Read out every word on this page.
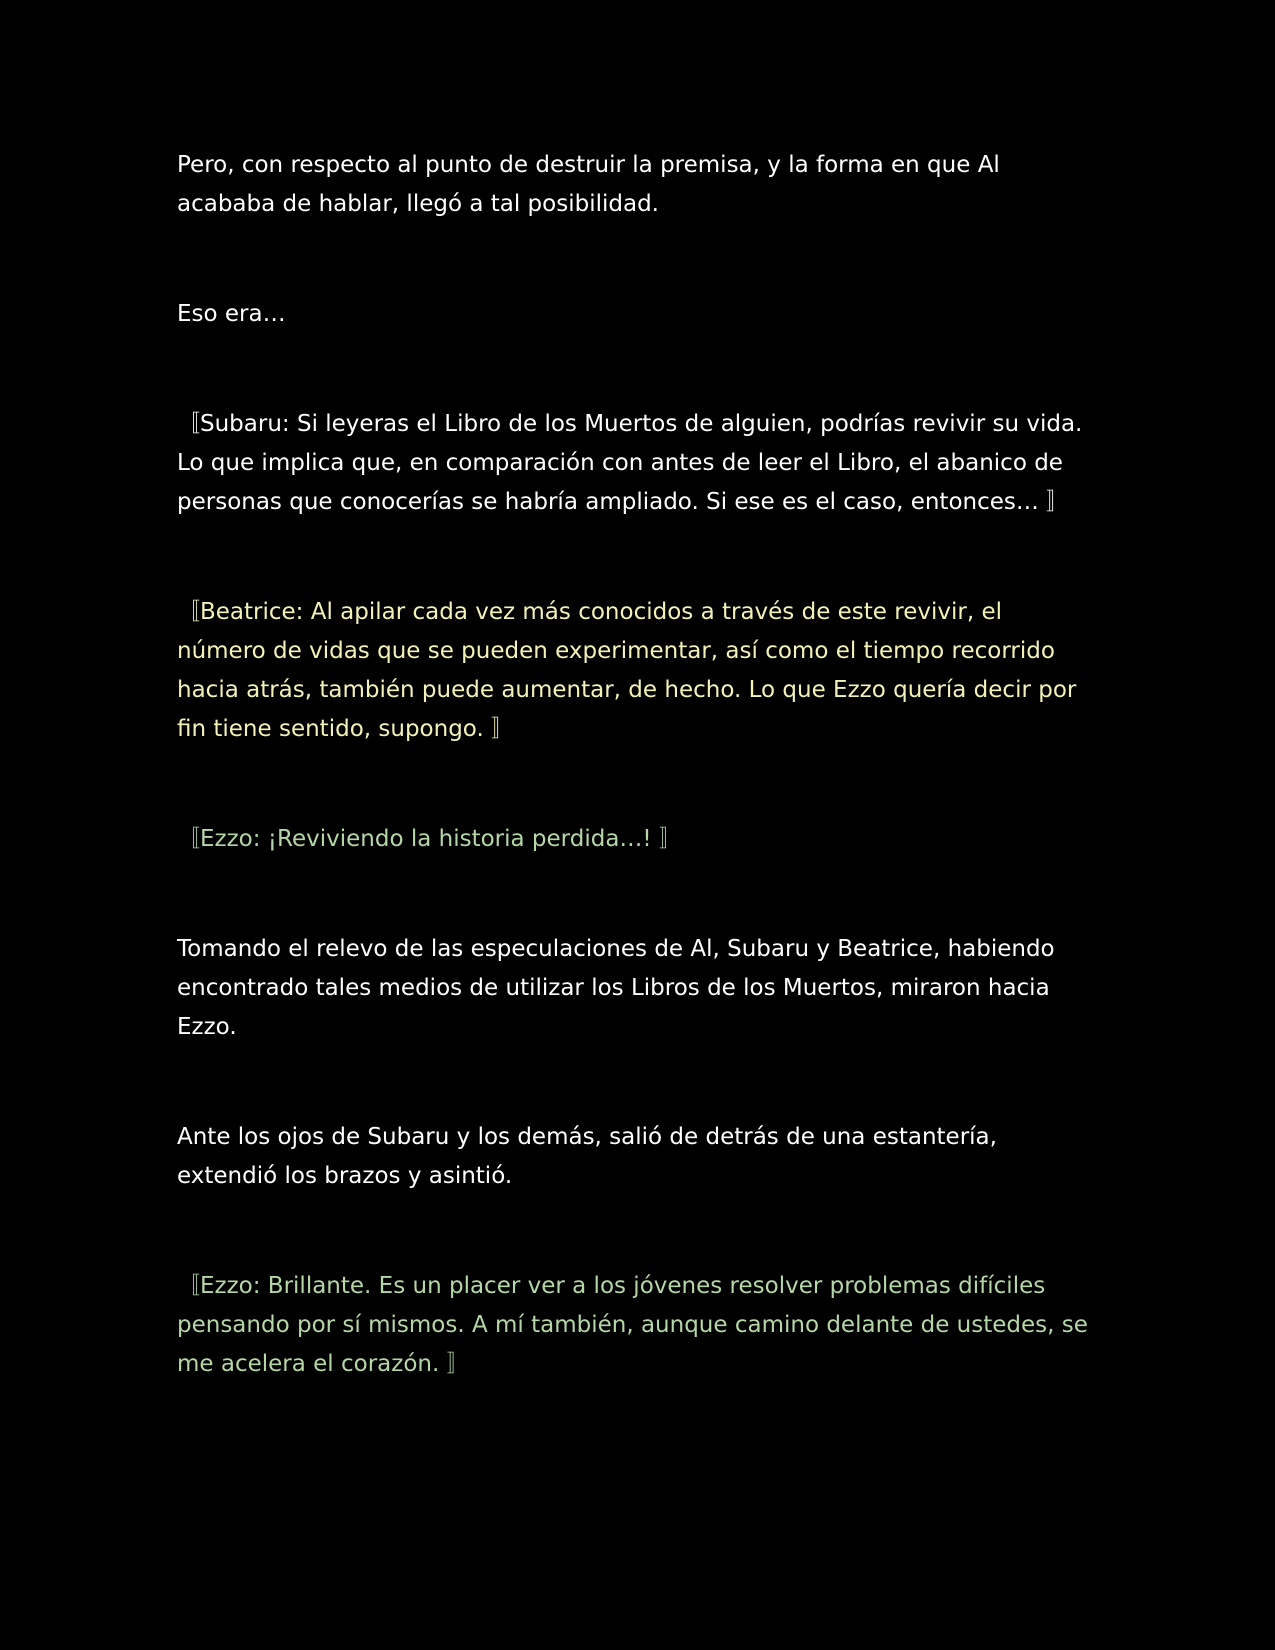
Pero, con respecto al punto de destruir la premisa, y la forma en que Al acababa de hablar, llegó a tal posibilidad.

Eso era…

〚Subaru: Si leyeras el Libro de los Muertos de alguien, podrías revivir su vida. Lo que implica que, en comparación con antes de leer el Libro, el abanico de personas que conocerías se habría ampliado. Si ese es el caso, entonces… 〛

〚Beatrice: Al apilar cada vez más conocidos a través de este revivir, el número de vidas que se pueden experimentar, así como el tiempo recorrido hacia atrás, también puede aumentar, de hecho. Lo que Ezzo quería decir por fin tiene sentido, supongo. 〛

〚Ezzo: ¡Reviviendo la historia perdida…! 〛

Tomando el relevo de las especulaciones de Al, Subaru y Beatrice, habiendo encontrado tales medios de utilizar los Libros de los Muertos, miraron hacia Ezzo.

Ante los ojos de Subaru y los demás, salió de detrás de una estantería, extendió los brazos y asintió.

〚Ezzo: Brillante. Es un placer ver a los jóvenes resolver problemas difíciles pensando por sí mismos. A mí también, aunque camino delante de ustedes, se me acelera el corazón. 〛
